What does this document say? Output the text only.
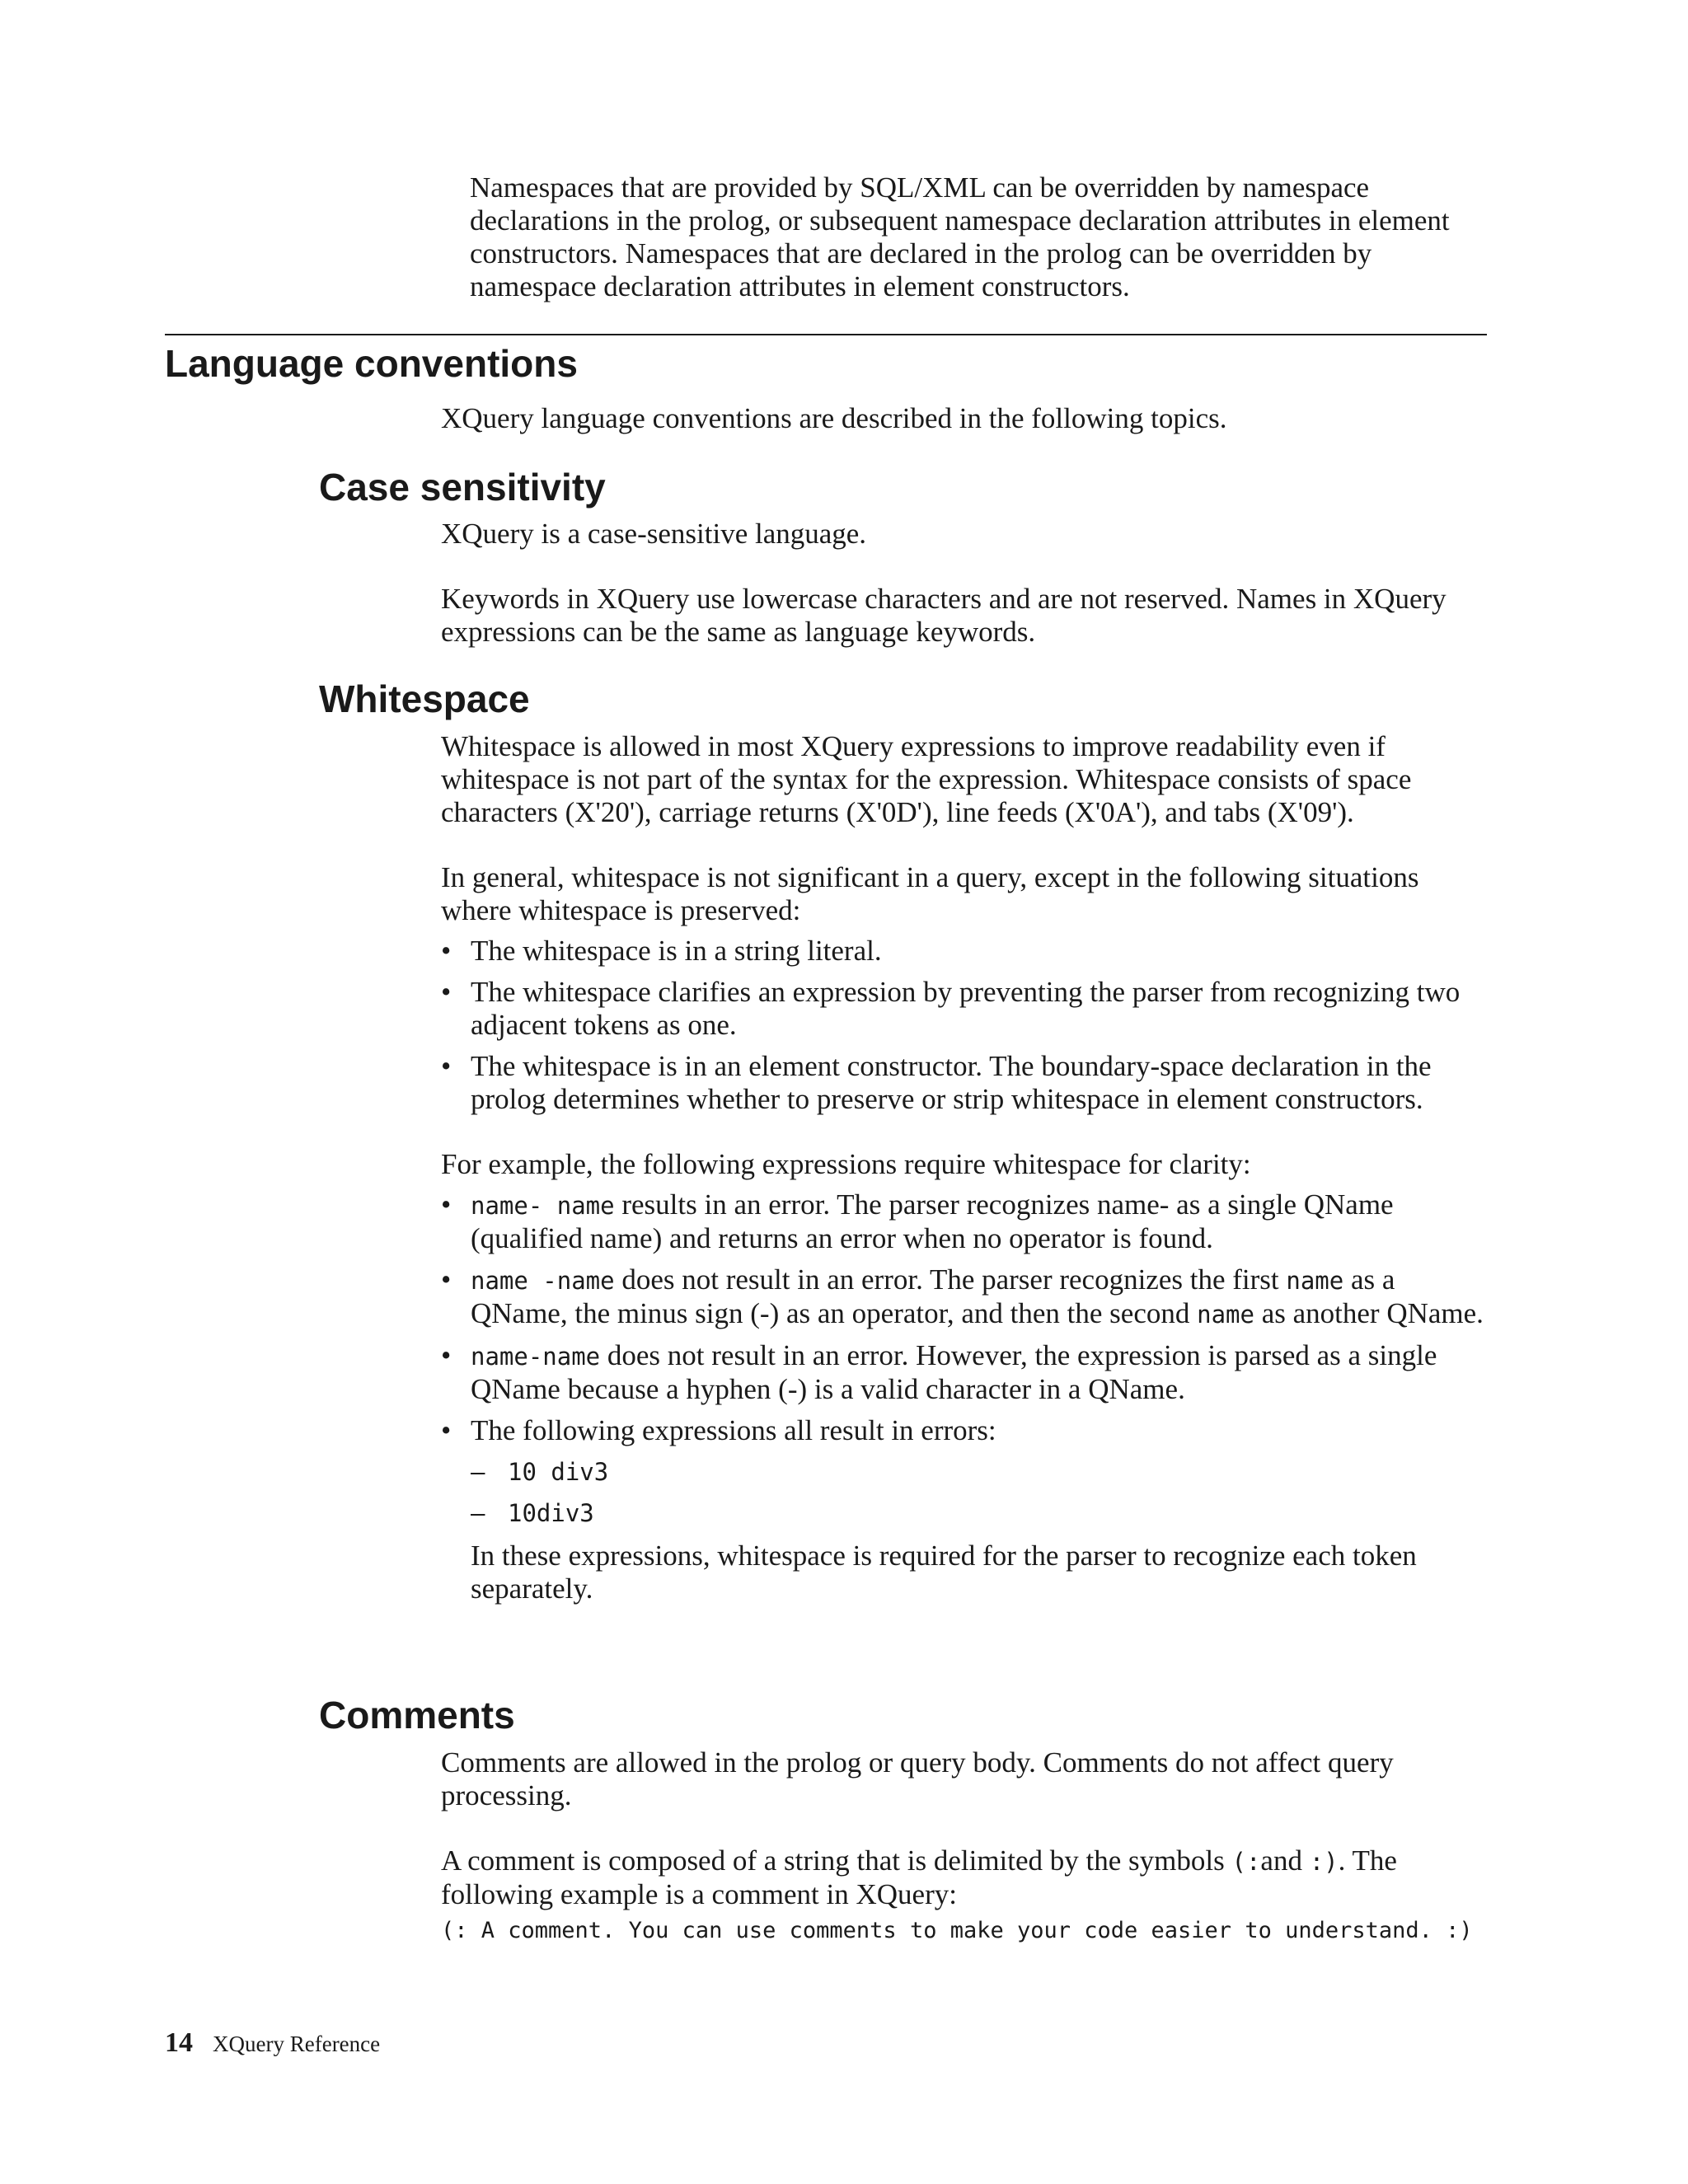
Namespaces that are provided by SQL/XML can be overridden by namespace declarations in the prolog, or subsequent namespace declaration attributes in element constructors. Namespaces that are declared in the prolog can be overridden by namespace declaration attributes in element constructors.

Language conventions

XQuery language conventions are described in the following topics.

Case sensitivity

XQuery is a case-sensitive language.

Keywords in XQuery use lowercase characters and are not reserved. Names in XQuery expressions can be the same as language keywords.

Whitespace

Whitespace is allowed in most XQuery expressions to improve readability even if whitespace is not part of the syntax for the expression. Whitespace consists of space characters (X'20'), carriage returns (X'0D'), line feeds (X'0A'), and tabs (X'09').

In general, whitespace is not significant in a query, except in the following situations where whitespace is preserved:

• The whitespace is in a string literal.
• The whitespace clarifies an expression by preventing the parser from recognizing two adjacent tokens as one.
• The whitespace is in an element constructor. The boundary-space declaration in the prolog determines whether to preserve or strip whitespace in element constructors.

For example, the following expressions require whitespace for clarity:

• name- name results in an error. The parser recognizes name- as a single QName (qualified name) and returns an error when no operator is found.
• name -name does not result in an error. The parser recognizes the first name as a QName, the minus sign (-) as an operator, and then the second name as another QName.
• name-name does not result in an error. However, the expression is parsed as a single QName because a hyphen (-) is a valid character in a QName.
• The following expressions all result in errors:
– 10 div3
– 10div3

In these expressions, whitespace is required for the parser to recognize each token separately.

Comments

Comments are allowed in the prolog or query body. Comments do not affect query processing.

A comment is composed of a string that is delimited by the symbols (:and :). The following example is a comment in XQuery:

(: A comment. You can use comments to make your code easier to understand. :)
14 XQuery Reference
